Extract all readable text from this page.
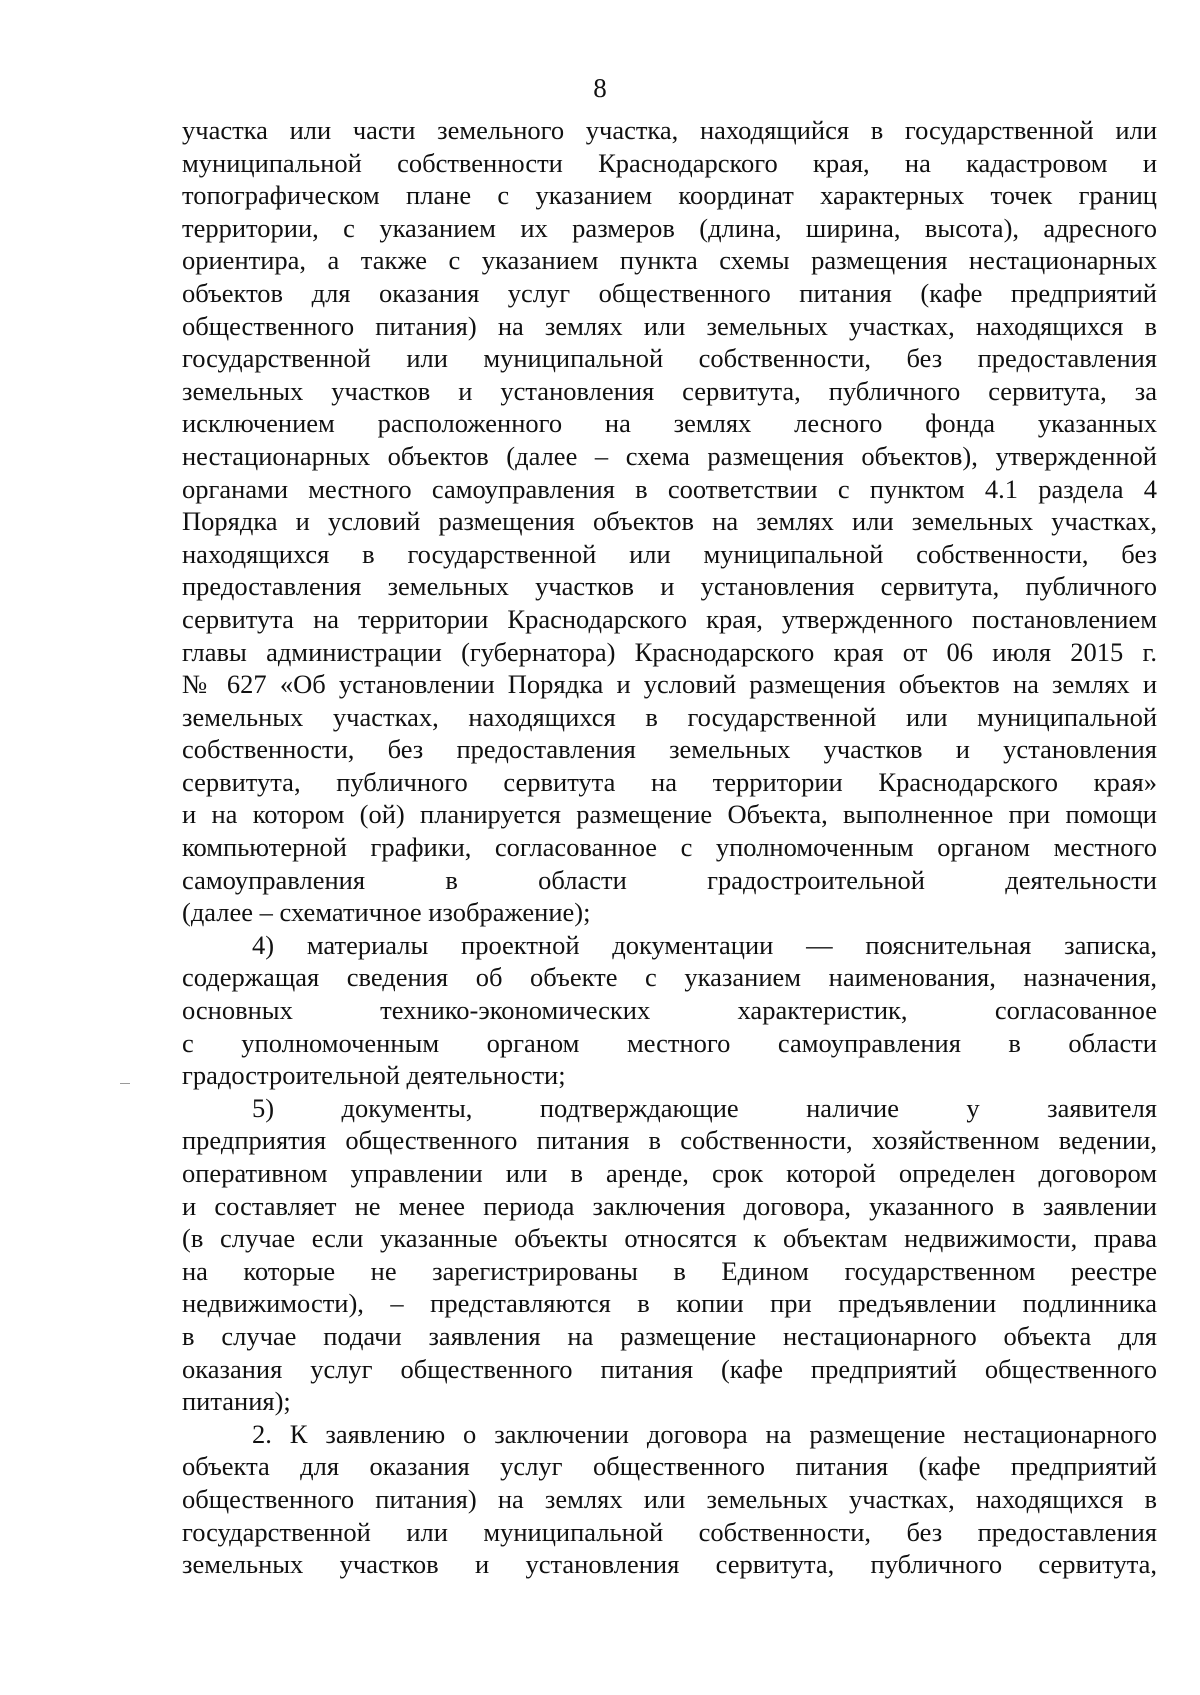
8
участка или части земельного участка, находящийся в государственной или
муниципальной собственности Краснодарского края, на кадастровом и
топографическом плане с указанием координат характерных точек границ
территории, с указанием их размеров (длина, ширина, высота), адресного
ориентира, а также с указанием пункта схемы размещения нестационарных
объектов для оказания услуг общественного питания (кафе предприятий
общественного питания) на землях или земельных участках, находящихся в
государственной или муниципальной собственности, без предоставления
земельных участков и установления сервитута, публичного сервитута, за
исключением расположенного на землях лесного фонда указанных
нестационарных объектов (далее – схема размещения объектов), утвержденной
органами местного самоуправления в соответствии с пунктом 4.1 раздела 4
Порядка и условий размещения объектов на землях или земельных участках,
находящихся в государственной или муниципальной собственности, без
предоставления земельных участков и установления сервитута, публичного
сервитута на территории Краснодарского края, утвержденного постановлением
главы администрации (губернатора) Краснодарского края от 06 июля 2015 г.
№ 627 «Об установлении Порядка и условий размещения объектов на землях и
земельных участках, находящихся в государственной или муниципальной
собственности, без предоставления земельных участков и установления
сервитута, публичного сервитута на территории Краснодарского края»
и на котором (ой) планируется размещение Объекта, выполненное при помощи
компьютерной графики, согласованное с уполномоченным органом местного
самоуправления в области градостроительной деятельности
(далее – схематичное изображение);
4) материалы проектной документации — пояснительная записка,
содержащая сведения об объекте с указанием наименования, назначения,
основных технико-экономических характеристик, согласованное
с уполномоченным органом местного самоуправления в области
градостроительной деятельности;
5) документы, подтверждающие наличие у заявителя
предприятия общественного питания в собственности, хозяйственном ведении,
оперативном управлении или в аренде, срок которой определен договором
и составляет не менее периода заключения договора, указанного в заявлении
(в случае если указанные объекты относятся к объектам недвижимости, права
на которые не зарегистрированы в Едином государственном реестре
недвижимости), – представляются в копии при предъявлении подлинника
в случае подачи заявления на размещение нестационарного объекта для
оказания услуг общественного питания (кафе предприятий общественного
питания);
2. К заявлению о заключении договора на размещение нестационарного
объекта для оказания услуг общественного питания (кафе предприятий
общественного питания) на землях или земельных участках, находящихся в
государственной или муниципальной собственности, без предоставления
земельных участков и установления сервитута, публичного сервитута,
